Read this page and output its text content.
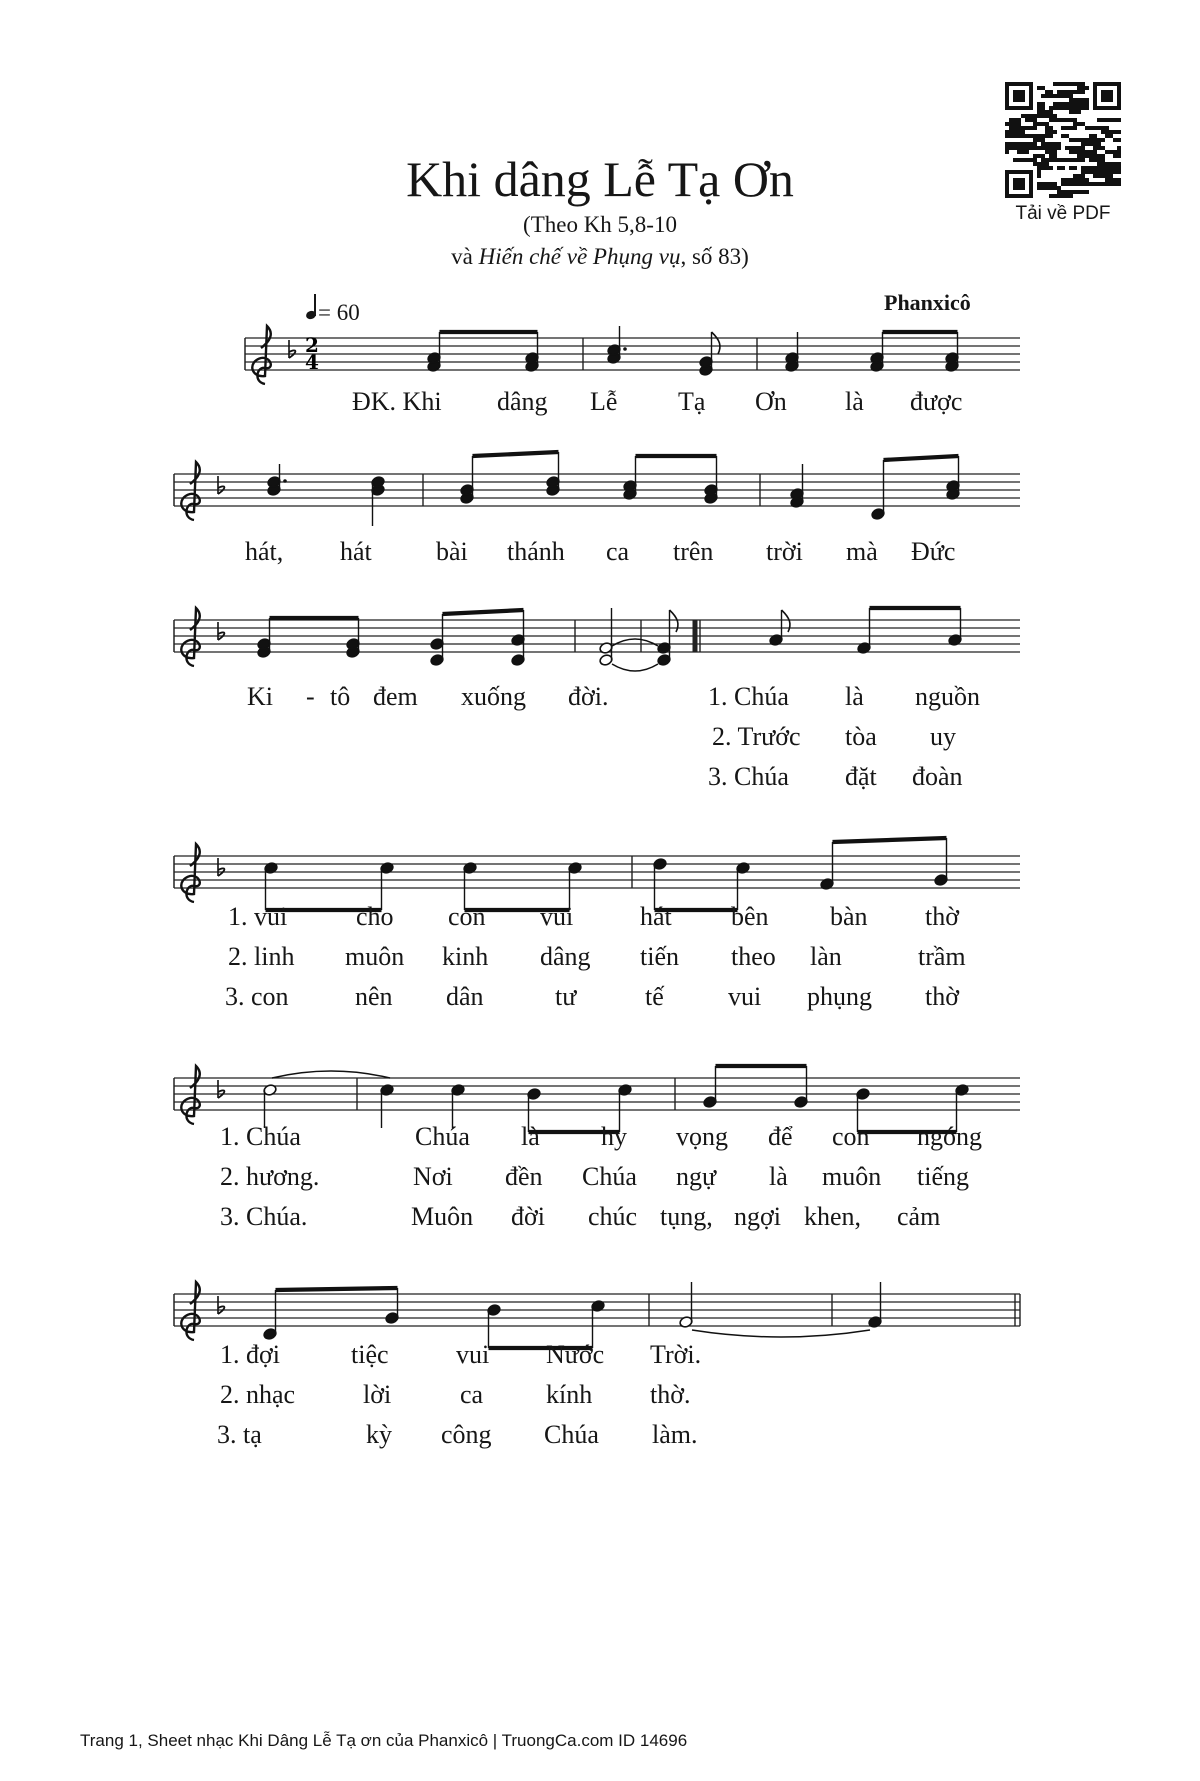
Khi dâng Lễ Tạ Ơn
(Theo Kh 5,8-10
và Hiến chế về Phụng vụ, số 83)
= 60	Phanxicô
Tải về PDF
2
4
ĐK. Khi dâng Lễ Tạ Ơn là được
hát, hát bài thánh ca trên trời mà Đức
Ki - tô đem xuống đời.	1. Chúa là nguồn
2. Trước tòa uy
3. Chúa đặt đoàn
1. vui	cho con vui	hát bên bàn thờ
2. linh muôn kinh dâng tiến theo làn	trầm
3. con	nên dân	tư	tế vui phụng thờ
1. Chúa	Chúa là hy vọng để con ngóng
2. hương.	Nơi đền Chúa ngự là muôn tiếng
3. Chúa.	Muôn đời chúc tụng, ngợi khen, cảm
1. đợi	tiệc	vui Nước Trời.
2. nhạc	lời	ca kính thờ.
3. tạ	kỳ công Chúa làm.
Trang 1, Sheet nhạc Khi Dâng Lễ Tạ ơn của Phanxicô | TruongCa.com ID 14696
